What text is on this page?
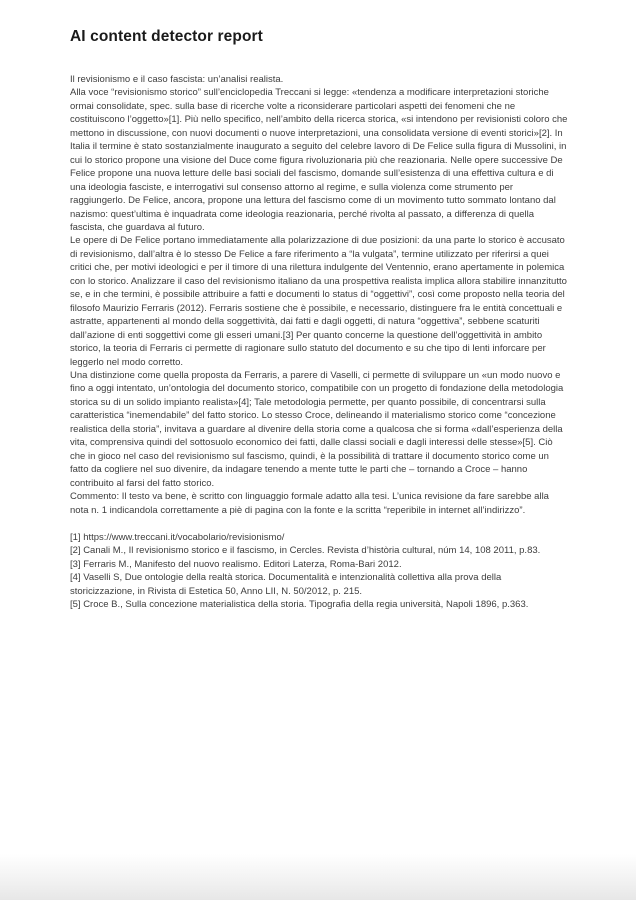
AI content detector report

Il revisionismo e il caso fascista: un’analisi realista.

Alla voce “revisionismo storico” sull’enciclopedia Treccani si legge: «tendenza a modificare interpretazioni storiche ormai consolidate, spec. sulla base di ricerche volte a riconsiderare particolari aspetti dei fenomeni che ne costituiscono l’oggetto»[1]. Più nello specifico, nell’ambito della ricerca storica, «si intendono per revisionisti coloro che mettono in discussione, con nuovi documenti o nuove interpretazioni, una consolidata versione di eventi storici»[2]. In Italia il termine è stato sostanzialmente inaugurato a seguito del celebre lavoro di De Felice sulla figura di Mussolini, in cui lo storico propone una visione del Duce come figura rivoluzionaria più che reazionaria. Nelle opere successive De Felice propone una nuova letture delle basi sociali del fascismo, domande sull’esistenza di una effettiva cultura e di una ideologia fasciste, e interrogativi sul consenso attorno al regime, e sulla violenza come strumento per raggiungerlo. De Felice, ancora, propone una lettura del fascismo come di un movimento tutto sommato lontano dal nazismo: quest’ultima è inquadrata come ideologia reazionaria, perché rivolta al passato, a differenza di quella fascista, che guardava al futuro.

Le opere di De Felice portano immediatamente alla polarizzazione di due posizioni: da una parte lo storico è accusato di revisionismo, dall’altra è lo stesso De Felice a fare riferimento a “la vulgata”, termine utilizzato per riferirsi a quei critici che, per motivi ideologici e per il timore di una rilettura indulgente del Ventennio, erano apertamente in polemica con lo storico. Analizzare il caso del revisionismo italiano da una prospettiva realista implica allora stabilire innanzitutto se, e in che termini, è possibile attribuire a fatti e documenti lo status di “oggettivi”, così come proposto nella teoria del filosofo Maurizio Ferraris (2012). Ferraris sostiene che è possibile, e necessario, distinguere fra le entità concettuali e astratte, appartenenti al mondo della soggettività, dai fatti e dagli oggetti, di natura “oggettiva”, sebbene scaturiti dall’azione di enti soggettivi come gli esseri umani.[3] Per quanto concerne la questione dell’oggettività in ambito storico, la teoria di Ferraris ci permette di ragionare sullo statuto del documento e su che tipo di lenti inforcare per leggerlo nel modo corretto.

Una distinzione come quella proposta da Ferraris, a parere di Vaselli, ci permette di sviluppare un «un modo nuovo e fino a oggi intentato, un’ontologia del documento storico, compatibile con un progetto di fondazione della metodologia storica su di un solido impianto realista»[4]; Tale metodologia permette, per quanto possibile, di concentrarsi sulla caratteristica “inemendabile” del fatto storico. Lo stesso Croce, delineando il materialismo storico come “concezione realistica della storia”, invitava a guardare al divenire della storia come a qualcosa che si forma «dall’esperienza della vita, comprensiva quindi del sottosuolo economico dei fatti, dalle classi sociali e dagli interessi delle stesse»[5]. Ciò che in gioco nel caso del revisionismo sul fascismo, quindi, è la possibilità di trattare il documento storico come un fatto da cogliere nel suo divenire, da indagare tenendo a mente tutte le parti che – tornando a Croce – hanno contribuito al farsi del fatto storico.

Commento: Il testo va bene, è scritto con linguaggio formale adatto alla tesi. L’unica revisione da fare sarebbe alla nota n. 1 indicandola correttamente a piè di pagina con la fonte e la scritta “reperibile in internet all’indirizzo”.

[1] https://www.treccani.it/vocabolario/revisionismo/

[2] Canali M., Il revisionismo storico e il fascismo, in Cercles. Revista d’història cultural, núm 14, 108 2011, p.83.

[3] Ferraris M., Manifesto del nuovo realismo. Editori Laterza, Roma-Bari 2012.

[4] Vaselli S, Due ontologie della realtà storica. Documentalità e intenzionalità collettiva alla prova della storicizzazione, in Rivista di Estetica 50, Anno LII, N. 50/2012, p. 215.

[5] Croce B., Sulla concezione materialistica della storia. Tipografia della regia università, Napoli 1896, p.363.
